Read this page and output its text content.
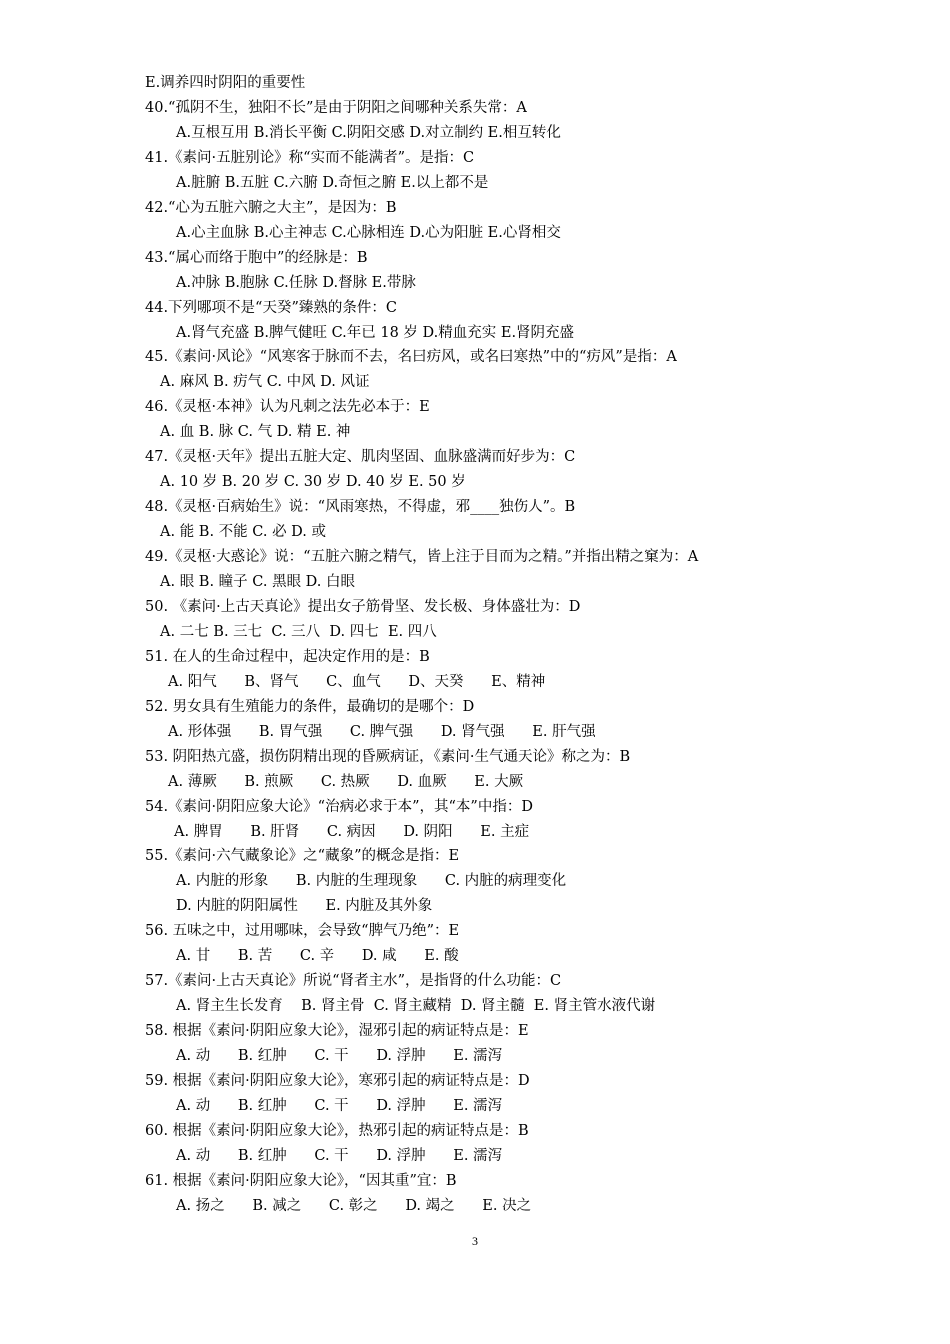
E.调养四时阴阳的重要性
40.“孤阴不生，独阳不长”是由于阴阳之间哪种关系失常：A
A.互根互用 B.消长平衡 C.阴阳交感 D.对立制约 E.相互转化
41.《素问·五脏别论》称“实而不能满者”。是指：C
A.脏腑 B.五脏 C.六腑 D.奇恒之腑 E.以上都不是
42.“心为五脏六腑之大主”，是因为：B
A.心主血脉 B.心主神志 C.心脉相连 D.心为阳脏 E.心肾相交
43.“属心而络于胞中”的经脉是：B
A.冲脉 B.胞脉 C.任脉 D.督脉 E.带脉
44.下列哪项不是“天癸”臻熟的条件：C
A.肾气充盛 B.脾气健旺 C.年已 18 岁 D.精血充实 E.肾阴充盛
45.《素问·风论》“风寒客于脉而不去，名曰疠风，或名曰寒热”中的“疠风”是指：A
A. 麻风 B. 疠气 C. 中风 D. 风证
46.《灵枢·本神》认为凡刺之法先必本于：E
A. 血 B. 脉 C. 气 D. 精 E. 神
47.《灵枢·天年》提出五脏大定、肌肉坚固、血脉盛满而好步为：C
A. 10 岁 B. 20 岁 C. 30 岁 D. 40 岁 E. 50 岁
48.《灵枢·百病始生》说：“风雨寒热，不得虚，邪____独伤人”。B
A. 能 B. 不能 C. 必 D. 或
49.《灵枢·大惑论》说：“五脏六腑之精气，皆上注于目而为之精。”并指出精之窠为：A
A. 眼 B. 瞳子 C. 黑眼 D. 白眼
50. 《素问·上古天真论》提出女子筋骨坚、发长极、身体盛壮为：D
A. 二七 B. 三七  C. 三八  D. 四七  E. 四八
51. 在人的生命过程中，起决定作用的是：B
A. 阳气      B、肾气      C、血气      D、天癸      E、精神
52. 男女具有生殖能力的条件，最确切的是哪个：D
A. 形体强      B. 胃气强      C. 脾气强      D. 肾气强      E. 肝气强
53. 阴阳热亢盛，损伤阴精出现的昏厥病证，《素问·生气通天论》称之为：B
A. 薄厥      B. 煎厥      C. 热厥      D. 血厥      E. 大厥
54.《素问·阴阳应象大论》“治病必求于本”，其“本”中指：D
A. 脾胃      B. 肝肾      C. 病因      D. 阴阳      E. 主症
55.《素问·六气藏象论》之“藏象”的概念是指：E
A. 内脏的形象      B. 内脏的生理现象      C. 内脏的病理变化
D. 内脏的阴阳属性      E. 内脏及其外象
56. 五味之中，过用哪味，会导致“脾气乃绝”：E
A. 甘      B. 苦      C. 辛      D. 咸      E. 酸
57.《素问·上古天真论》所说“肾者主水”，是指肾的什么功能：C
A. 肾主生长发育    B. 肾主骨  C. 肾主藏精  D. 肾主髓  E. 肾主管水液代谢
58. 根据《素问·阴阳应象大论》，湿邪引起的病证特点是：E
A. 动      B. 红肿      C. 干      D. 浮肿      E. 濡泻
59. 根据《素问·阴阳应象大论》，寒邪引起的病证特点是：D
A. 动      B. 红肿      C. 干      D. 浮肿      E. 濡泻
60. 根据《素问·阴阳应象大论》，热邪引起的病证特点是：B
A. 动      B. 红肿      C. 干      D. 浮肿      E. 濡泻
61. 根据《素问·阴阳应象大论》，“因其重”宜：B
A. 扬之      B. 减之      C. 彰之      D. 竭之      E. 决之
3
